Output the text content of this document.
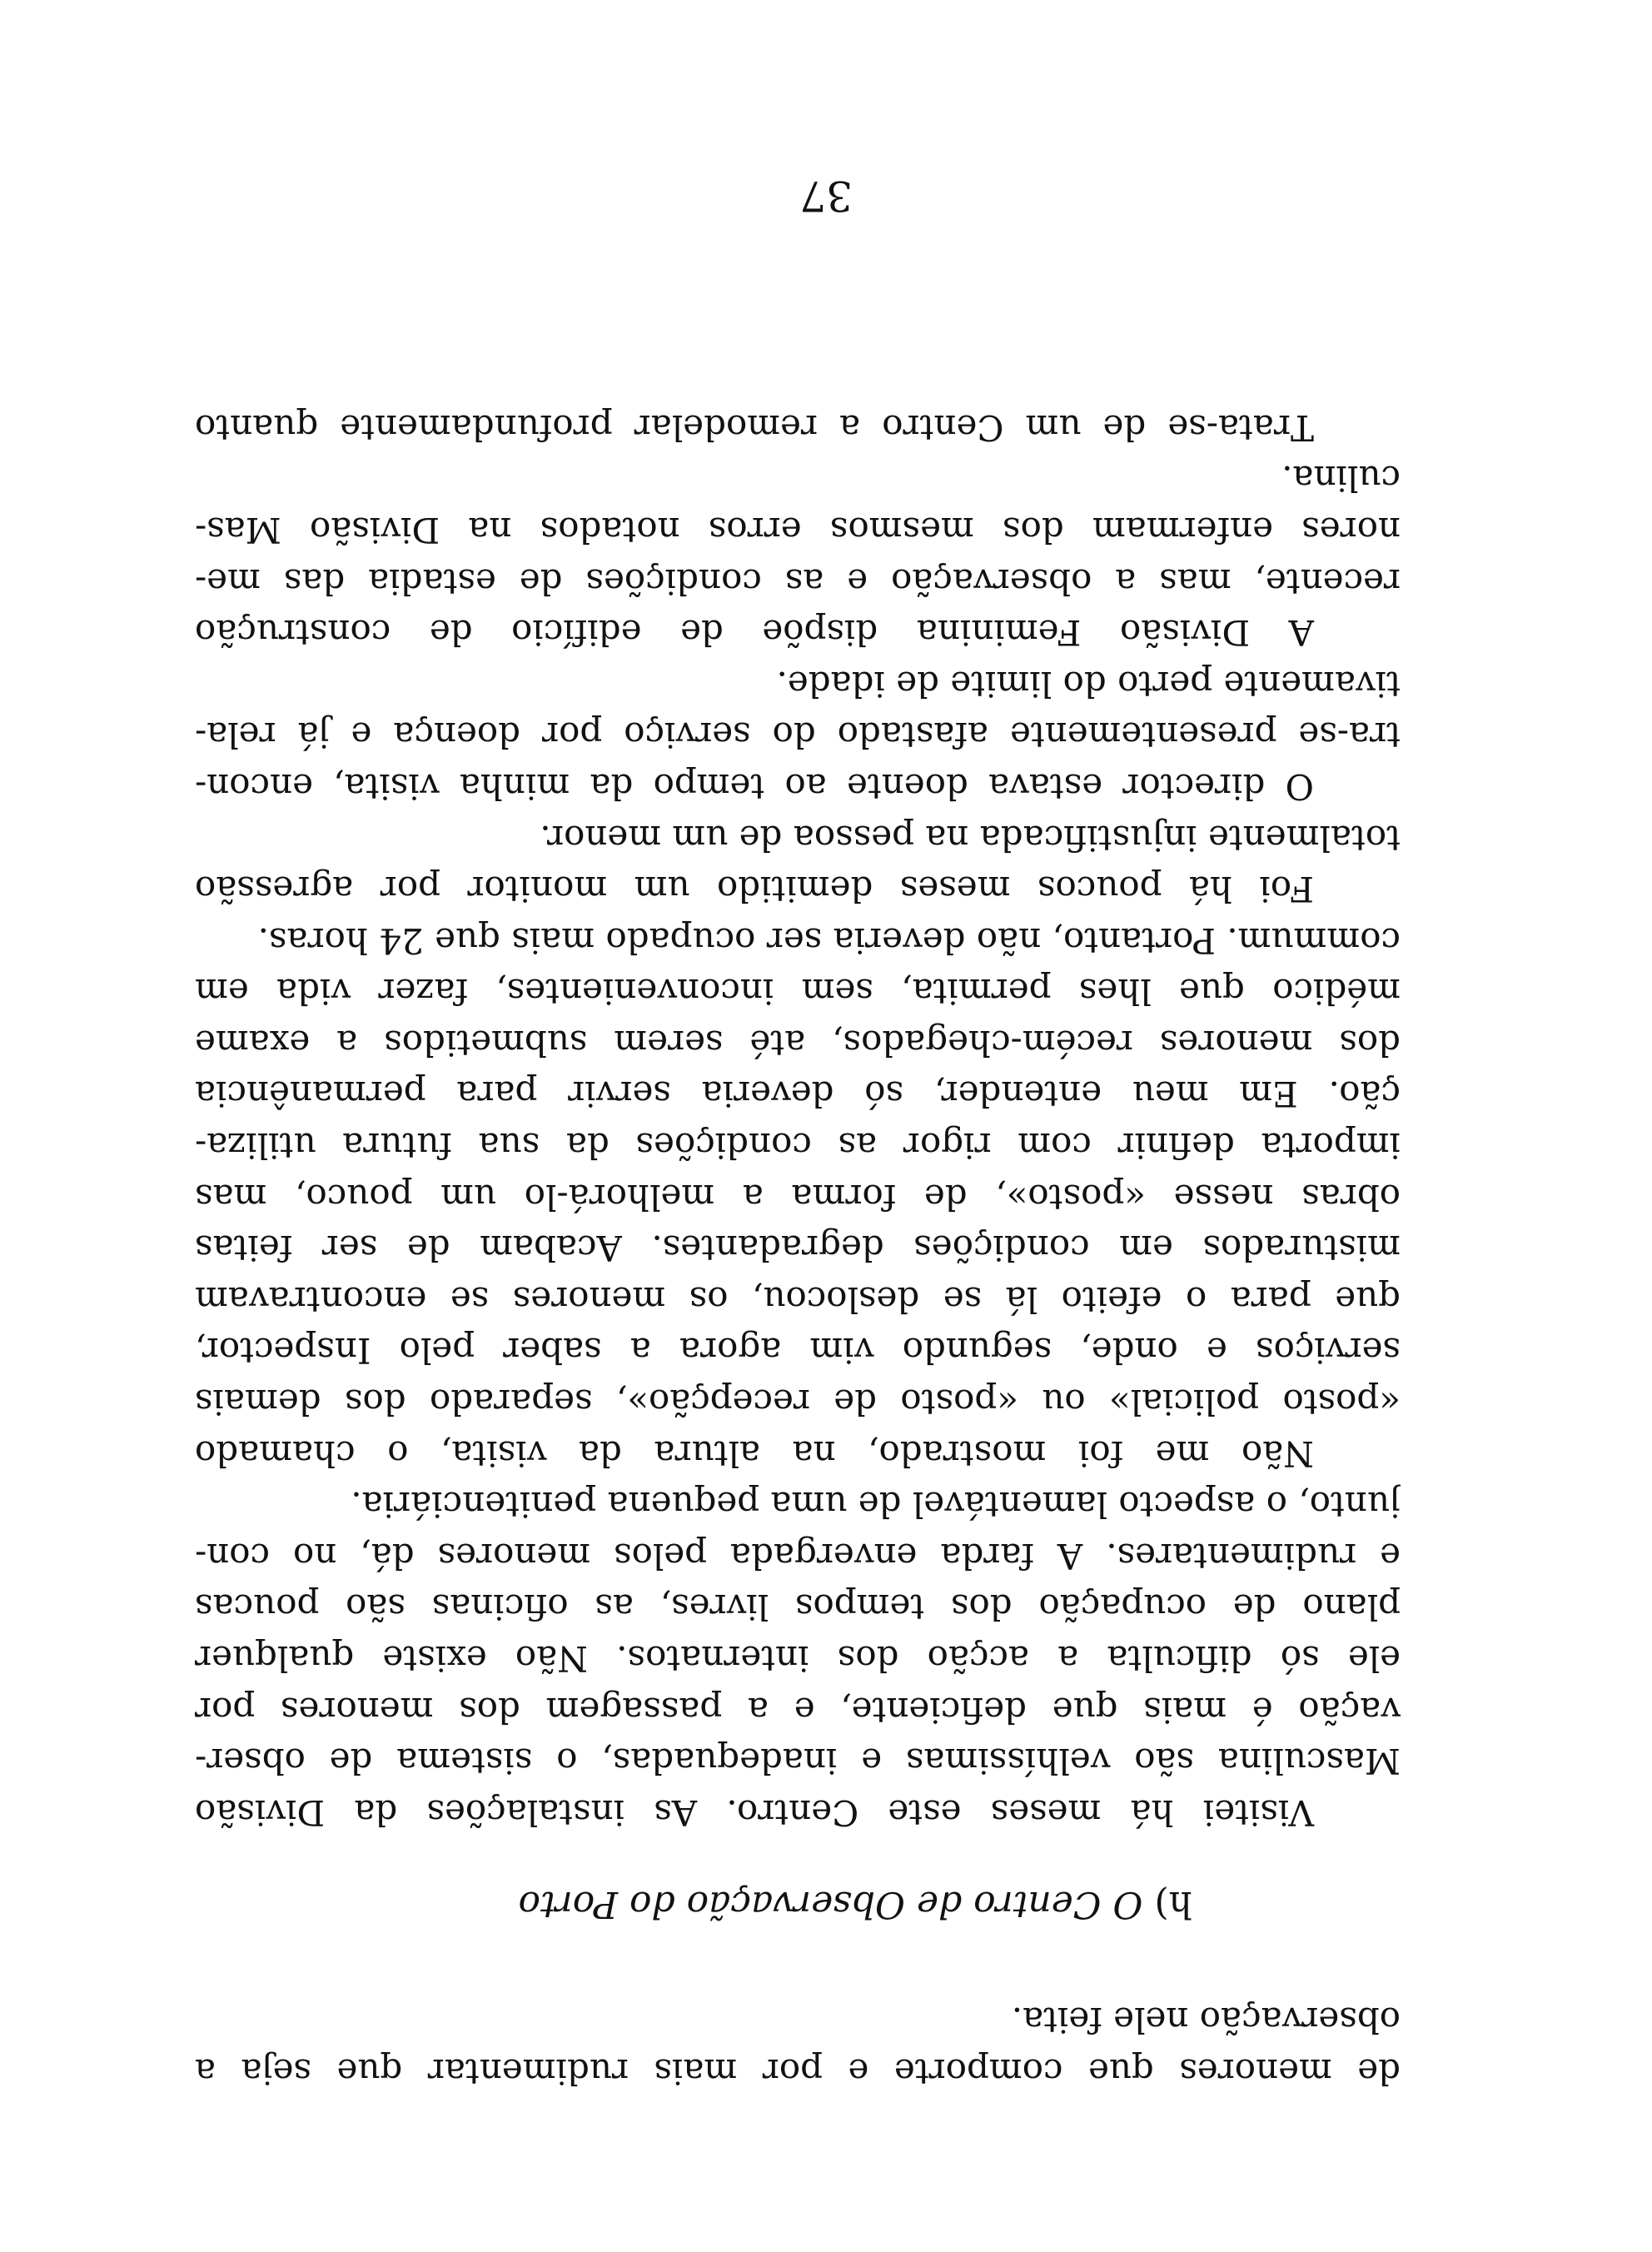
de menores que comporte e por mais rudimentar que seja a
observação nele feita.
h) O Centro de Observação do Porto
Visitei há meses este Centro. As instalações da Divisão
Masculina são velhíssimas e inadequadas, o sistema de obser-
vação é mais que deficiente, e a passagem dos menores por
ele só dificulta a acção dos internatos. Não existe qualquer
plano de ocupação dos tempos livres, as oficinas são poucas
e rudimentares. A farda envergada pelos menores dá, no con-
junto, o aspecto lamentável de uma pequena penitenciária.
Não me foi mostrado, na altura da visita, o chamado
«posto policial» ou «posto de recepção», separado dos demais
serviços e onde, segundo vim agora a saber pelo Inspector,
que para o efeito lá se deslocou, os menores se encontravam
misturados em condições degradantes. Acabam de ser feitas
obras nesse «posto», de forma a melhorá-lo um pouco, mas
importa definir com rigor as condições da sua futura utiliza-
ção. Em meu entender, só deveria servir para permanência
dos menores recém-chegados, até serem submetidos a exame
médico que lhes permita, sem inconvenientes, fazer vida em
commum. Portanto, não deveria ser ocupado mais que 24 horas.
Foi há poucos meses demitido um monitor por agressão
totalmente injustificada na pessoa de um menor.
O director estava doente ao tempo da minha visita, encon-
tra-se presentemente afastado do serviço por doença e já rela-
tivamente perto do limite de idade.
A Divisão Feminina dispõe de edifício de construção
recente, mas a observação e as condições de estadia das me-
nores enfermam dos mesmos erros notados na Divisão Mas-
culina.
Trata-se de um Centro a remodelar profundamente quanto
37
